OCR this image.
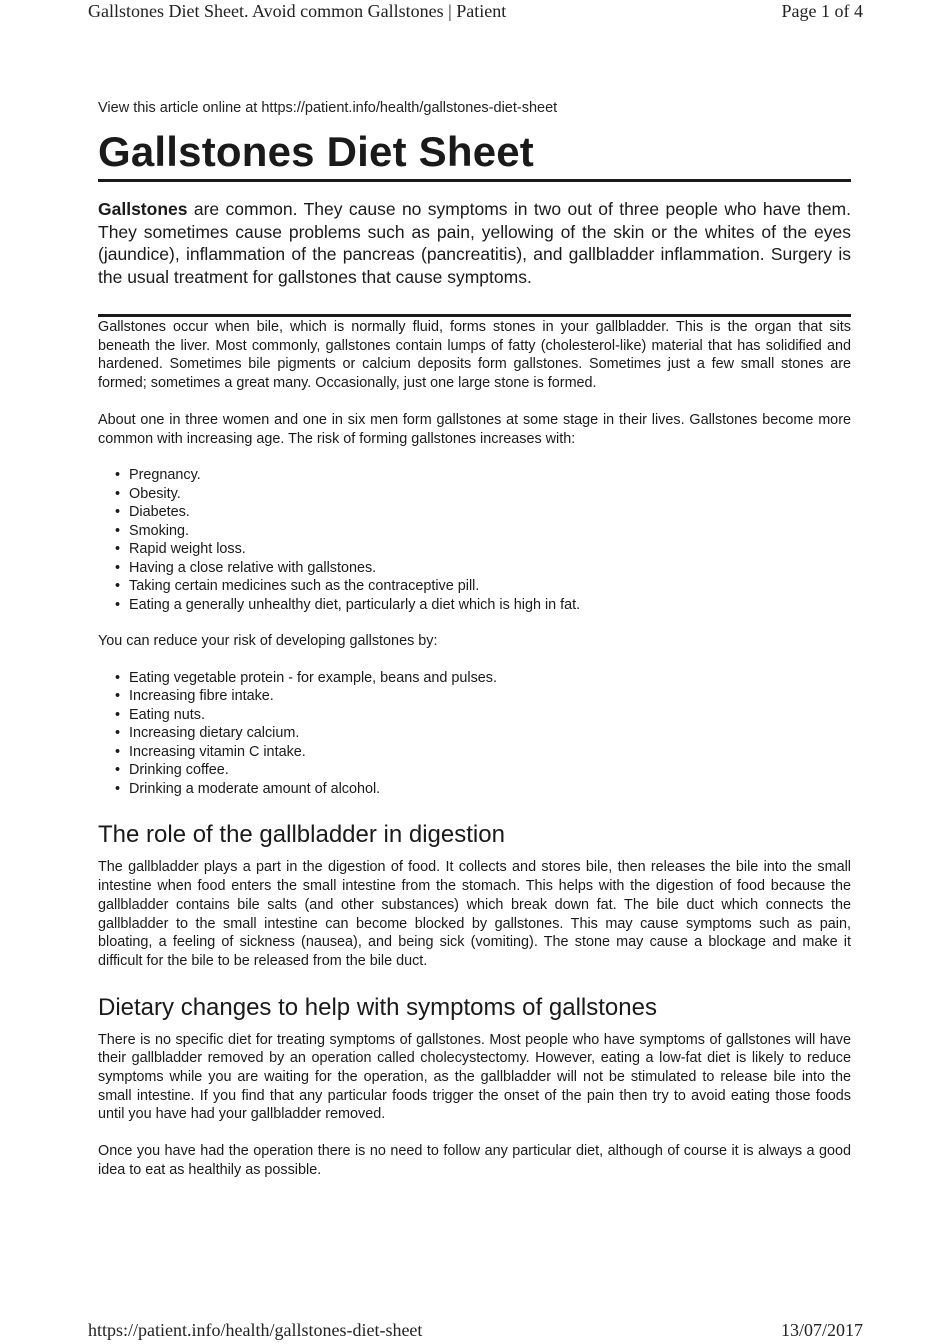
Gallstones Diet Sheet. Avoid common Gallstones | Patient	Page 1 of 4

View this article online at https://patient.info/health/gallstones-diet-sheet

Gallstones Diet Sheet

Gallstones are common. They cause no symptoms in two out of three people who have them. They sometimes cause problems such as pain, yellowing of the skin or the whites of the eyes (jaundice), inflammation of the pancreas (pancreatitis), and gallbladder inflammation. Surgery is the usual treatment for gallstones that cause symptoms.

Gallstones occur when bile, which is normally fluid, forms stones in your gallbladder. This is the organ that sits beneath the liver. Most commonly, gallstones contain lumps of fatty (cholesterol-like) material that has solidified and hardened. Sometimes bile pigments or calcium deposits form gallstones. Sometimes just a few small stones are formed; sometimes a great many. Occasionally, just one large stone is formed.

About one in three women and one in six men form gallstones at some stage in their lives. Gallstones become more common with increasing age. The risk of forming gallstones increases with:

• Pregnancy.
• Obesity.
• Diabetes.
• Smoking.
• Rapid weight loss.
• Having a close relative with gallstones.
• Taking certain medicines such as the contraceptive pill.
• Eating a generally unhealthy diet, particularly a diet which is high in fat.

You can reduce your risk of developing gallstones by:

• Eating vegetable protein - for example, beans and pulses.
• Increasing fibre intake.
• Eating nuts.
• Increasing dietary calcium.
• Increasing vitamin C intake.
• Drinking coffee.
• Drinking a moderate amount of alcohol.
The role of the gallbladder in digestion

The gallbladder plays a part in the digestion of food. It collects and stores bile, then releases the bile into the small intestine when food enters the small intestine from the stomach. This helps with the digestion of food because the gallbladder contains bile salts (and other substances) which break down fat. The bile duct which connects the gallbladder to the small intestine can become blocked by gallstones. This may cause symptoms such as pain, bloating, a feeling of sickness (nausea), and being sick (vomiting). The stone may cause a blockage and make it difficult for the bile to be released from the bile duct.

Dietary changes to help with symptoms of gallstones

There is no specific diet for treating symptoms of gallstones. Most people who have symptoms of gallstones will have their gallbladder removed by an operation called cholecystectomy. However, eating a low-fat diet is likely to reduce symptoms while you are waiting for the operation, as the gallbladder will not be stimulated to release bile into the small intestine. If you find that any particular foods trigger the onset of the pain then try to avoid eating those foods until you have had your gallbladder removed.

Once you have had the operation there is no need to follow any particular diet, although of course it is always a good idea to eat as healthily as possible.

https://patient.info/health/gallstones-diet-sheet	13/07/2017
